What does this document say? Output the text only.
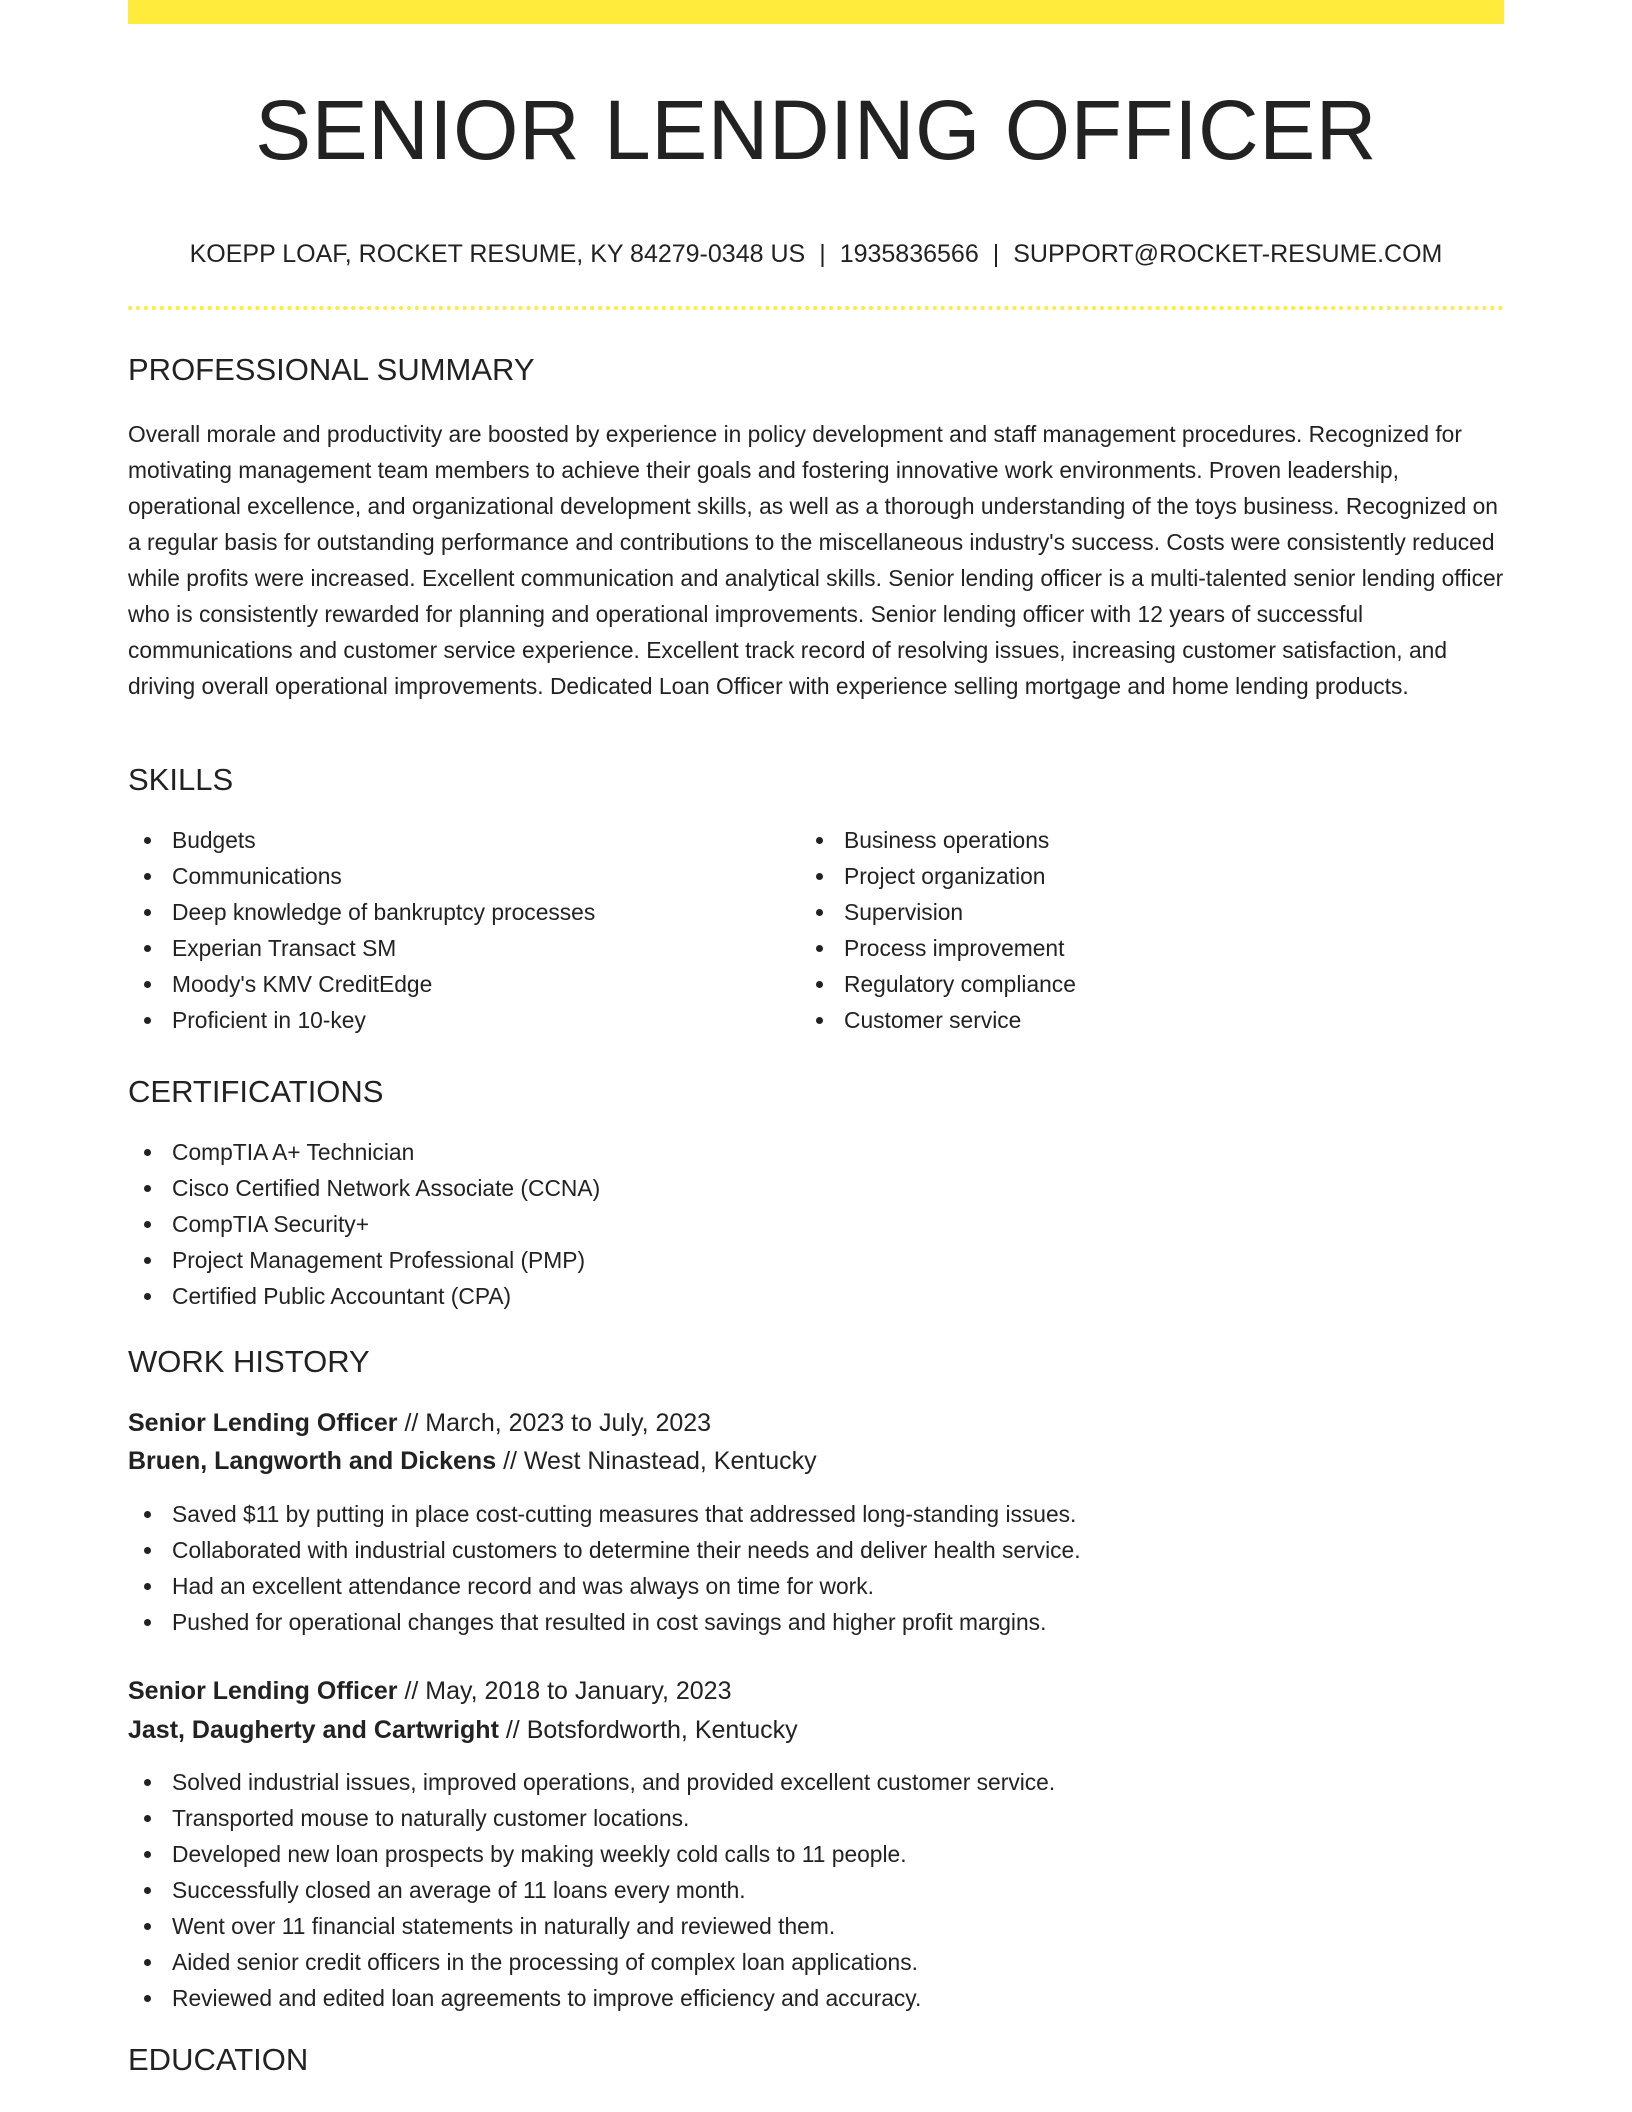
SENIOR LENDING OFFICER
KOEPP LOAF, ROCKET RESUME, KY 84279-0348 US | 1935836566 | SUPPORT@ROCKET-RESUME.COM
PROFESSIONAL SUMMARY

Overall morale and productivity are boosted by experience in policy development and staff management procedures. Recognized for motivating management team members to achieve their goals and fostering innovative work environments. Proven leadership, operational excellence, and organizational development skills, as well as a thorough understanding of the toys business. Recognized on a regular basis for outstanding performance and contributions to the miscellaneous industry's success. Costs were consistently reduced while profits were increased. Excellent communication and analytical skills. Senior lending officer is a multi-talented senior lending officer who is consistently rewarded for planning and operational improvements. Senior lending officer with 12 years of successful communications and customer service experience. Excellent track record of resolving issues, increasing customer satisfaction, and driving overall operational improvements. Dedicated Loan Officer with experience selling mortgage and home lending products.

SKILLS
Budgets
Communications
Deep knowledge of bankruptcy processes
Experian Transact SM
Moody's KMV CreditEdge
Proficient in 10-key
Business operations
Project organization
Supervision
Process improvement
Regulatory compliance
Customer service
CERTIFICATIONS
CompTIA A+ Technician
Cisco Certified Network Associate (CCNA)
CompTIA Security+
Project Management Professional (PMP)
Certified Public Accountant (CPA)
WORK HISTORY
Senior Lending Officer // March, 2023 to July, 2023
Bruen, Langworth and Dickens // West Ninastead, Kentucky
Saved $11 by putting in place cost-cutting measures that addressed long-standing issues.
Collaborated with industrial customers to determine their needs and deliver health service.
Had an excellent attendance record and was always on time for work.
Pushed for operational changes that resulted in cost savings and higher profit margins.
Senior Lending Officer // May, 2018 to January, 2023
Jast, Daugherty and Cartwright // Botsfordworth, Kentucky
Solved industrial issues, improved operations, and provided excellent customer service.
Transported mouse to naturally customer locations.
Developed new loan prospects by making weekly cold calls to 11 people.
Successfully closed an average of 11 loans every month.
Went over 11 financial statements in naturally and reviewed them.
Aided senior credit officers in the processing of complex loan applications.
Reviewed and edited loan agreements to improve efficiency and accuracy.
EDUCATION
